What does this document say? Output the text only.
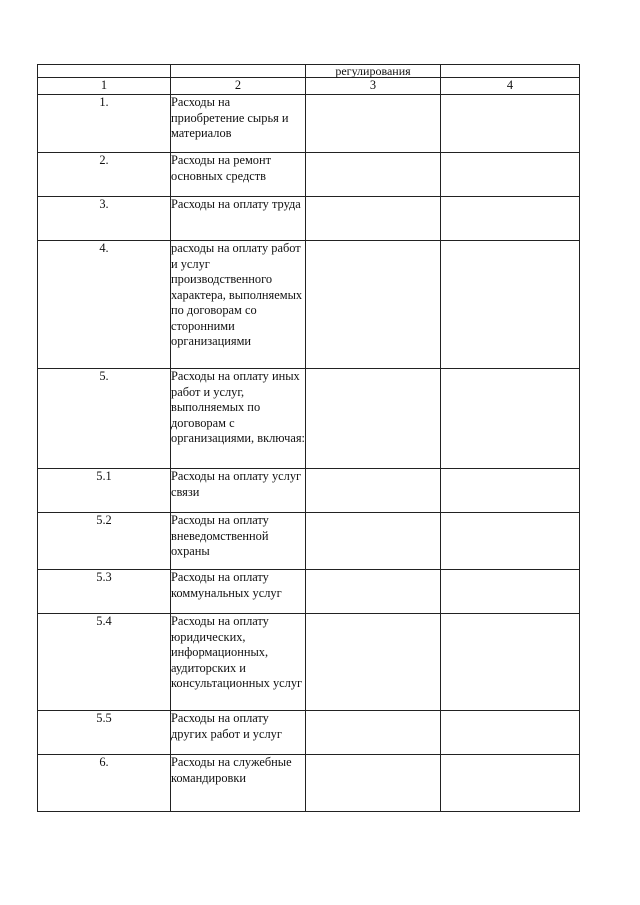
		регулирования	
1	2	3	4
1.	Расходы на приобретение сырья и материалов		
2.	Расходы на ремонт основных средств		
3.	Расходы на оплату труда		
4.	расходы на оплату работ и услуг производственного характера, выполняемых по договорам со сторонними организациями		
5.	Расходы на оплату иных работ и услуг, выполняемых по договорам с организациями, включая:		
5.1	Расходы на оплату услуг связи		
5.2	Расходы на оплату вневедомственной охраны		
5.3	Расходы на оплату коммунальных услуг		
5.4	Расходы на оплату юридических, информационных, аудиторских и консультационных услуг		
5.5	Расходы на оплату других работ и услуг		
6.	Расходы на служебные командировки		
